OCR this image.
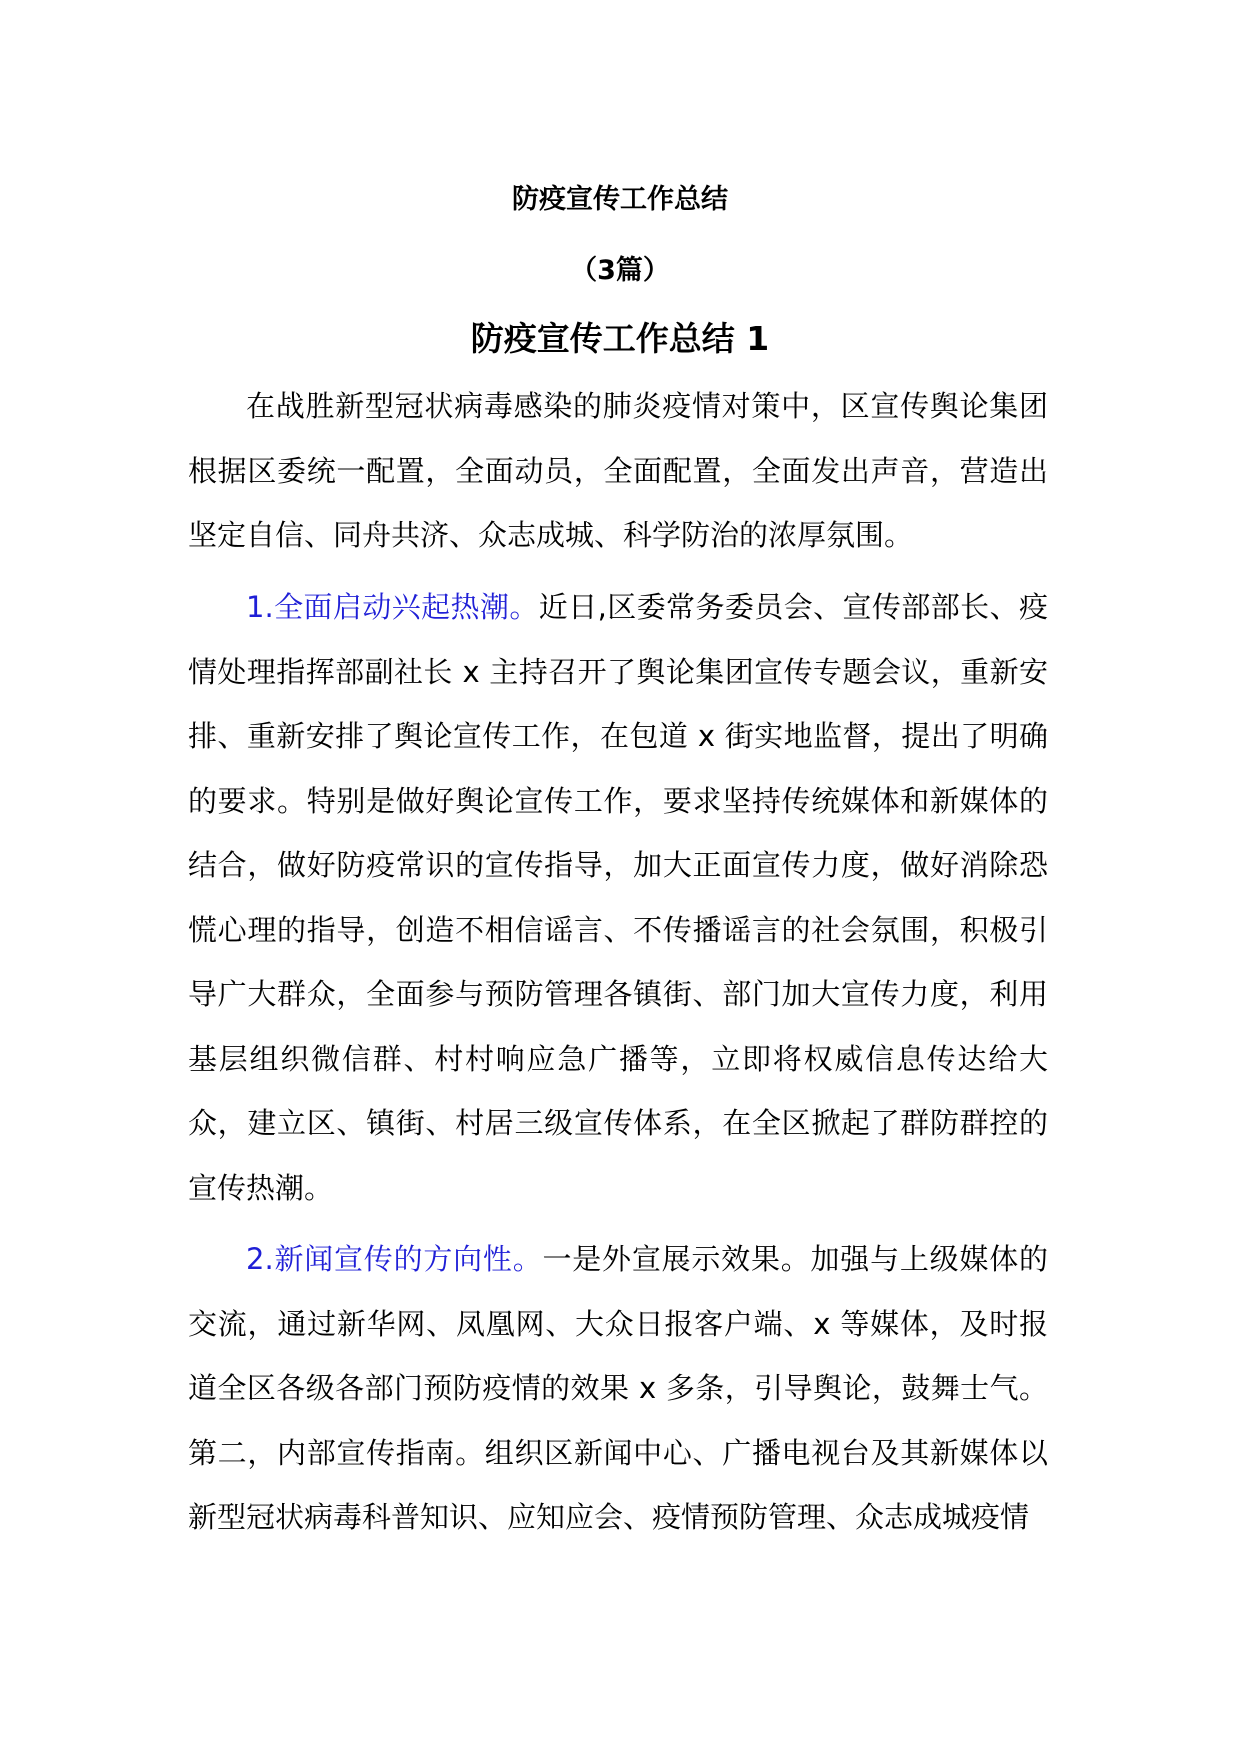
防疫宣传工作总结
（3篇）
防疫宣传工作总结 1

在战胜新型冠状病毒感染的肺炎疫情对策中，区宣传舆论集团根据区委统一配置，全面动员，全面配置，全面发出声音，营造出坚定自信、同舟共济、众志成城、科学防治的浓厚氛围。

1.全面启动兴起热潮。近日,区委常务委员会、宣传部部长、疫情处理指挥部副社长 x 主持召开了舆论集团宣传专题会议，重新安排、重新安排了舆论宣传工作，在包道 x 街实地监督，提出了明确的要求。特别是做好舆论宣传工作，要求坚持传统媒体和新媒体的结合，做好防疫常识的宣传指导，加大正面宣传力度，做好消除恐慌心理的指导，创造不相信谣言、不传播谣言的社会氛围，积极引导广大群众，全面参与预防管理各镇街、部门加大宣传力度，利用基层组织微信群、村村响应急广播等，立即将权威信息传达给大众，建立区、镇街、村居三级宣传体系，在全区掀起了群防群控的宣传热潮。

2.新闻宣传的方向性。一是外宣展示效果。加强与上级媒体的交流，通过新华网、凤凰网、大众日报客户端、x 等媒体，及时报道全区各级各部门预防疫情的效果 x 多条，引导舆论，鼓舞士气。第二，内部宣传指南。组织区新闻中心、广播电视台及其新媒体以新型冠状病毒科普知识、应知应会、疫情预防管理、众志成城疫情
